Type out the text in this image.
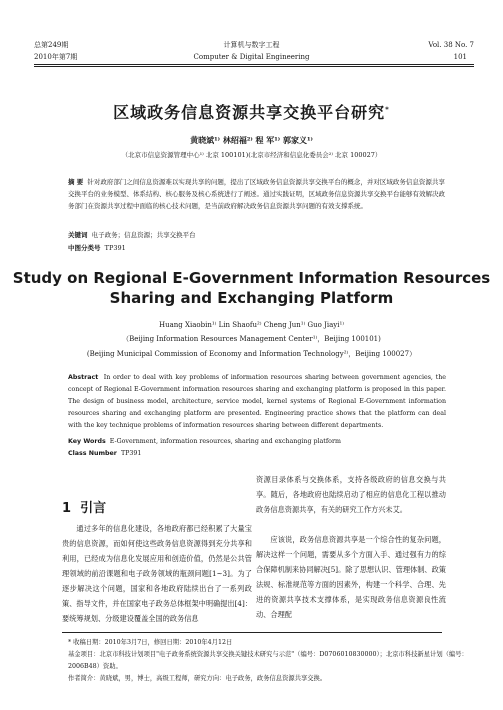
总第249期
2010年第7期
计算机与数字工程
Computer & Digital Engineering
Vol. 38 No. 7
101
区域政务信息资源共享交换平台研究*
黄晓斌¹⁾ 林绍福²⁾ 程 军¹⁾ 郭家义¹⁾
（北京市信息资源管理中心¹⁾ 北京 100101)(北京市经济和信息化委员会²⁾ 北京 100027）
摘 要 针对政府部门之间信息资源难以实现共享的问题，提出了区域政务信息资源共享交换平台的概念，并对区域政务信息资源共享交换平台的业务模型、体系结构、核心服务及核心系统进行了阐述。通过实践证明，区域政务信息资源共享交换平台能够有效解决政务部门在资源共享过程中面临的核心技术问题，是当前政府解决政务信息资源共享问题的有效支撑系统。
关键词 电子政务；信息资源；共享交换平台
中图分类号 TP391
Study on Regional E-Government Information Resources
Sharing and Exchanging Platform
Huang Xiaobin¹⁾ Lin Shaofu²⁾ Cheng Jun¹⁾ Guo Jiayi¹⁾
（Beijing Information Resources Management Center¹⁾，Beijing 100101)
(Beijing Municipal Commission of Economy and Information Technology²⁾，Beijing 100027）
Abstract In order to deal with key problems of information resources sharing between government agencies, the concept of Regional E-Government information resources sharing and exchanging platform is proposed in this paper. The design of business model, architecture, service model, kernel systems of Regional E-Government information resources sharing and exchanging platform are presented. Engineering practice shows that the platform can deal with the key technique problems of information resources sharing between different departments.
Key Words E-Government, information resources, sharing and exchanging platform
Class Number TP391
1 引言
通过多年的信息化建设，各地政府都已经积累了大量宝贵的信息资源，而如何使这些政务信息资源得到充分共享和利用，已经成为信息化发展应用和创造价值，仍然是公共管理领域的前沿课题和电子政务领域的瓶颈问题[1~3]。为了逐步解决这个问题，国家和各地政府陆续出台了一系列政策、指导文件，并在国家电子政务总体框架中明确提出[4]：要统筹规划、分级建设覆盖全国的政务信息
资源目录体系与交换体系，支持各级政府的信息交换与共享。随后，各地政府也陆续启动了相应的信息化工程以推动政务信息资源共享，有关的研究工作方兴未艾。
应该说，政务信息资源共享是一个综合性的复杂问题，解决这样一个问题，需要从多个方面入手、通过强有力的综合保障机制来协同解决[5]。除了思想认识、管理体制、政策法规、标准规范等方面的因素外，构建一个科学、合理、先进的资源共享技术支撑体系，是实现政务信息资源良性流动、合理配
* 收稿日期：2010年3月7日，修回日期：2010年4月12日
基金项目：北京市科技计划项目"电子政务系统资源共享交换关键技术研究与示范"（编号：D0706010830000）；北京市科技新星计划（编号：2006B48）资助。
作者简介：黄晓斌，男，博士，高级工程师，研究方向：电子政务，政务信息资源共享交换。
